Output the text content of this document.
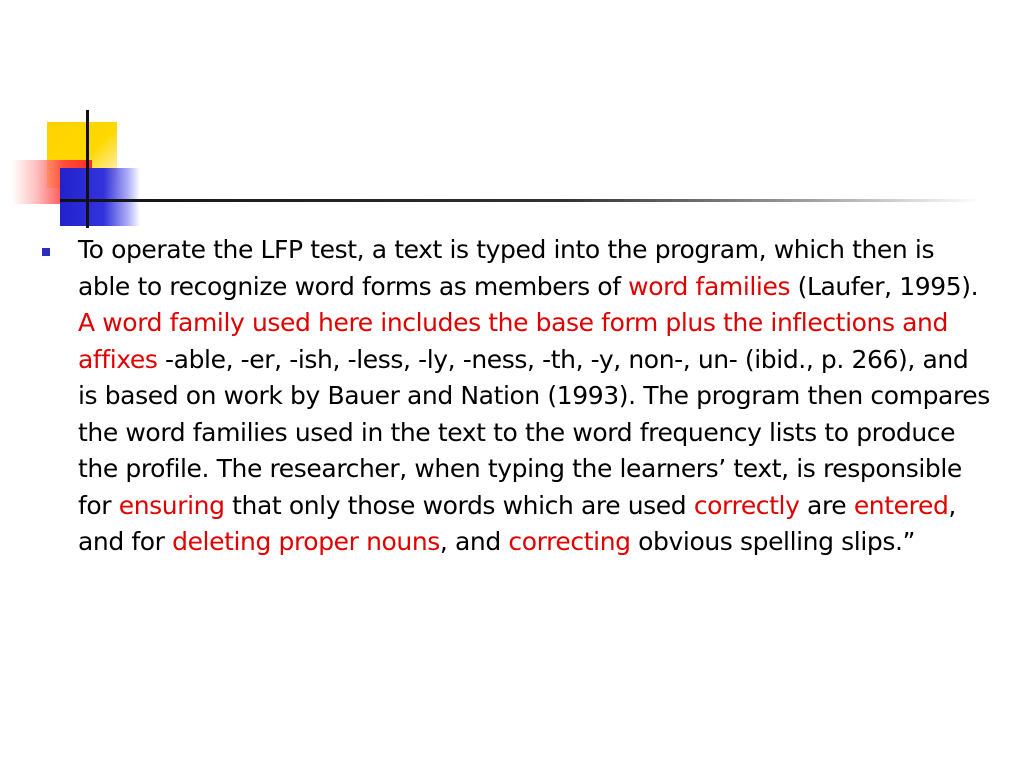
To operate the LFP test, a text is typed into the program, which then is able to recognize word forms as members of word families (Laufer, 1995). A word family used here includes the base form plus the inflections and affixes -able, -er, -ish, -less, -ly, -ness, -th, -y, non-, un- (ibid., p. 266), and is based on work by Bauer and Nation (1993). The program then compares the word families used in the text to the word frequency lists to produce the profile. The researcher, when typing the learners’ text, is responsible for ensuring that only those words which are used correctly are entered, and for deleting proper nouns, and correcting obvious spelling slips.”
